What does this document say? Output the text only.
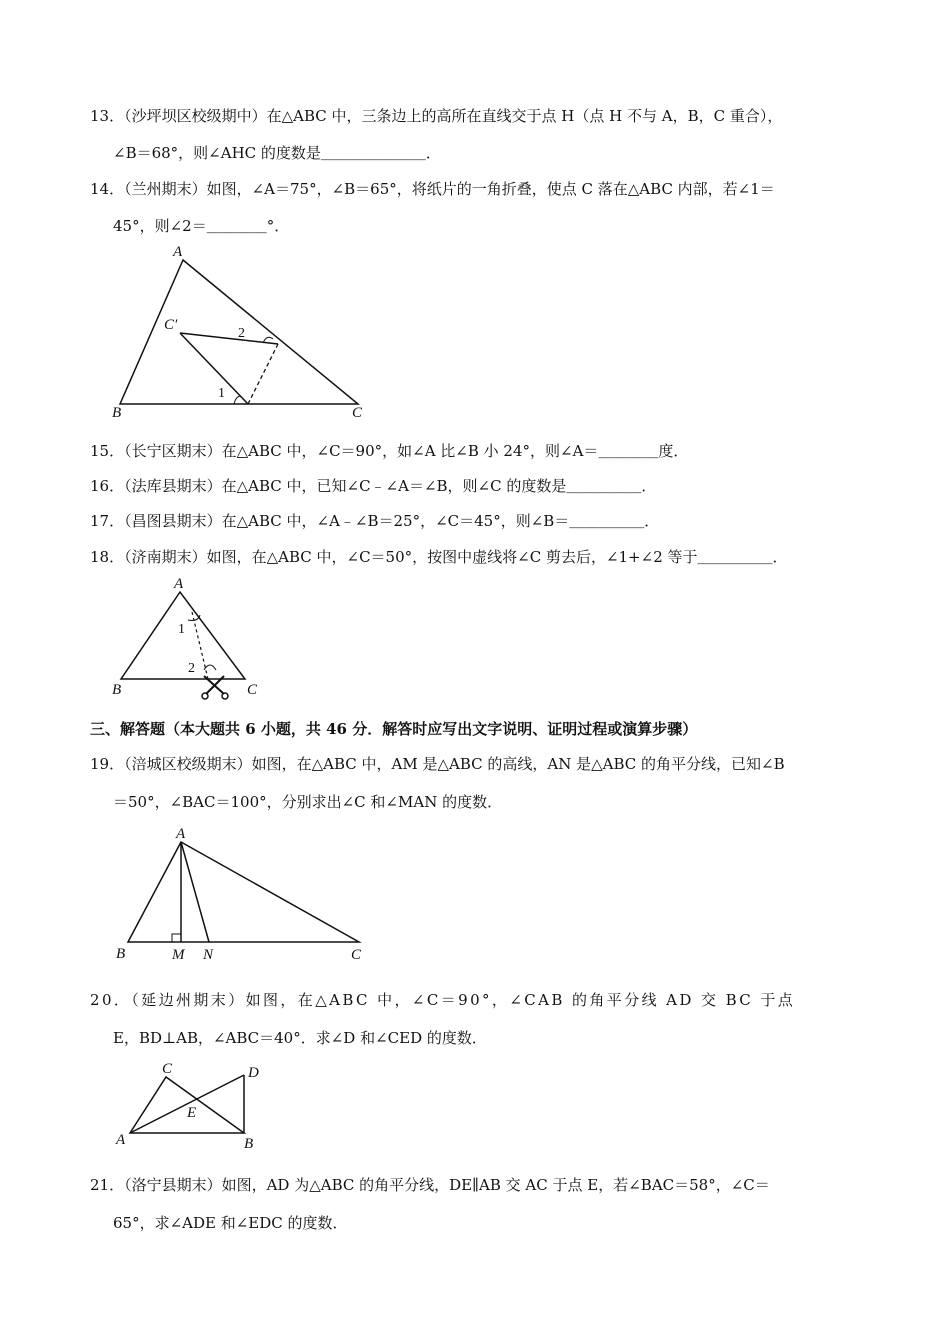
13．（沙坪坝区校级期中）在△ABC 中，三条边上的高所在直线交于点 H（点 H 不与 A，B，C 重合），
∠B＝68°，则∠AHC 的度数是＿＿＿＿＿＿＿．
14．（兰州期末）如图，∠A＝75°，∠B＝65°，将纸片的一角折叠，使点 C 落在△ABC 内部，若∠1＝
45°，则∠2＝＿＿＿＿°．
A
B	C
C′
2
1
15．（长宁区期末）在△ABC 中，∠C＝90°，如∠A 比∠B 小 24°，则∠A＝＿＿＿＿度．
16．（法库县期末）在△ABC 中，已知∠C﹣∠A＝∠B，则∠C 的度数是＿＿＿＿＿．
17．（昌图县期末）在△ABC 中，∠A﹣∠B＝25°，∠C＝45°，则∠B＝＿＿＿＿＿．
18．（济南期末）如图，在△ABC 中，∠C＝50°，按图中虚线将∠C 剪去后，∠1+∠2 等于＿＿＿＿＿．
A
B	C
1
2
三、解答题（本大题共 6 小题，共 46 分．解答时应写出文字说明、证明过程或演算步骤）
19．（涪城区校级期末）如图，在△ABC 中，AM 是△ABC 的高线，AN 是△ABC 的角平分线，已知∠B
＝50°，∠BAC＝100°，分别求出∠C 和∠MAN 的度数．
A
B	M N	C
20．（延边州期末）如图，在△ABC 中，∠C＝90°，∠CAB 的角平分线 AD 交 BC 于点
E，BD⊥AB，∠ABC＝40°．求∠D 和∠CED 的度数．
C	D
E
A	B
21．（洛宁县期末）如图，AD 为△ABC 的角平分线，DE∥AB 交 AC 于点 E，若∠BAC＝58°，∠C＝
65°，求∠ADE 和∠EDC 的度数．
